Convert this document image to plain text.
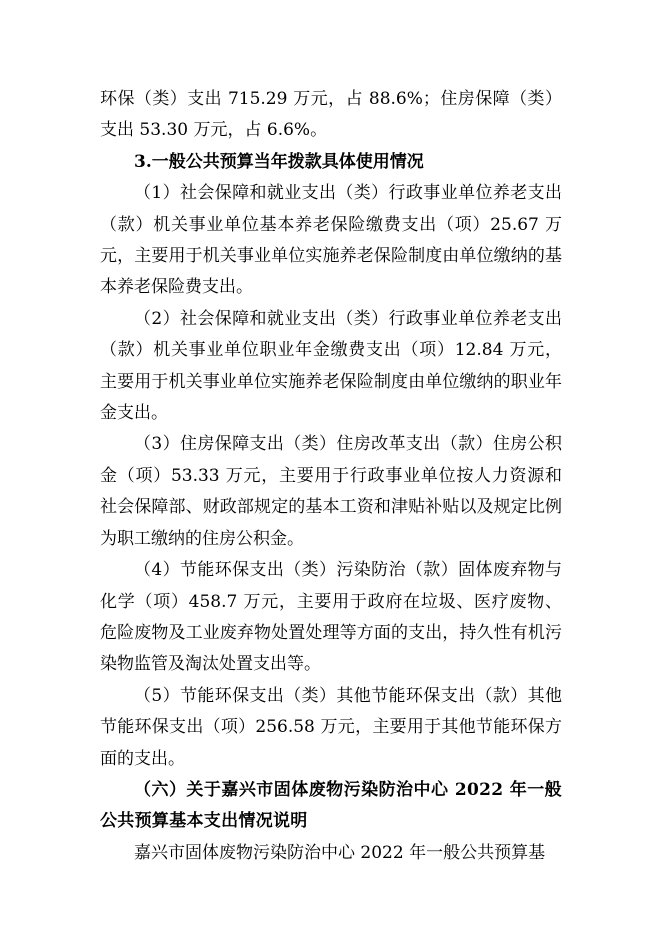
环保（类）支出 715.29 万元，占 88.6%；住房保障（类）支出 53.30 万元，占 6.6%。

3.一般公共预算当年拨款具体使用情况

（1）社会保障和就业支出（类）行政事业单位养老支出（款）机关事业单位基本养老保险缴费支出（项）25.67 万元，主要用于机关事业单位实施养老保险制度由单位缴纳的基本养老保险费支出。

（2）社会保障和就业支出（类）行政事业单位养老支出（款）机关事业单位职业年金缴费支出（项）12.84 万元，主要用于机关事业单位实施养老保险制度由单位缴纳的职业年金支出。

（3）住房保障支出（类）住房改革支出（款）住房公积金（项）53.33 万元，主要用于行政事业单位按人力资源和社会保障部、财政部规定的基本工资和津贴补贴以及规定比例为职工缴纳的住房公积金。

（4）节能环保支出（类）污染防治（款）固体废弃物与化学（项）458.7 万元，主要用于政府在垃圾、医疗废物、危险废物及工业废弃物处置处理等方面的支出，持久性有机污染物监管及淘汰处置支出等。

（5）节能环保支出（类）其他节能环保支出（款）其他节能环保支出（项）256.58 万元，主要用于其他节能环保方面的支出。

（六）关于嘉兴市固体废物污染防治中心 2022 年一般公共预算基本支出情况说明

嘉兴市固体废物污染防治中心 2022 年一般公共预算基
